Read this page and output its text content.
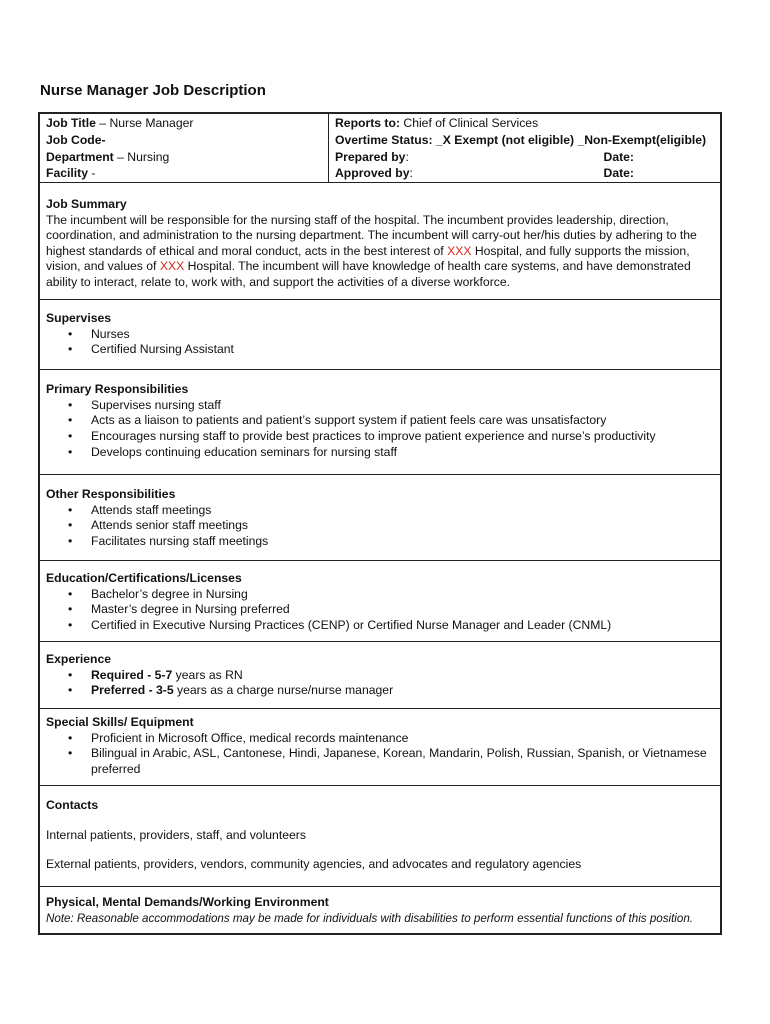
Nurse Manager Job Description
Job Title – Nurse Manager
Job Code-
Department – Nursing
Facility -
Reports to: Chief of Clinical Services
Overtime Status: _X Exempt (not eligible) _Non-Exempt(eligible)
Prepared by:	Date:
Approved by:	Date:
Job Summary

The incumbent will be responsible for the nursing staff of the hospital. The incumbent provides leadership, direction, coordination, and administration to the nursing department. The incumbent will carry-out her/his duties by adhering to the highest standards of ethical and moral conduct, acts in the best interest of XXX Hospital, and fully supports the mission, vision, and values of XXX Hospital. The incumbent will have knowledge of health care systems, and have demonstrated ability to interact, relate to, work with, and support the activities of a diverse workforce.

Supervises
• Nurses
• Certified Nursing Assistant
Primary Responsibilities
• Supervises nursing staff
• Acts as a liaison to patients and patient’s support system if patient feels care was unsatisfactory
• Encourages nursing staff to provide best practices to improve patient experience and nurse’s productivity
• Develops continuing education seminars for nursing staff
Other Responsibilities
• Attends staff meetings
• Attends senior staff meetings
• Facilitates nursing staff meetings
Education/Certifications/Licenses
• Bachelor’s degree in Nursing
• Master’s degree in Nursing preferred
• Certified in Executive Nursing Practices (CENP) or Certified Nurse Manager and Leader (CNML)
Experience
• Required - 5-7 years as RN
• Preferred - 3-5 years as a charge nurse/nurse manager
Special Skills/ Equipment
• Proficient in Microsoft Office, medical records maintenance
• Bilingual in Arabic, ASL, Cantonese, Hindi, Japanese, Korean, Mandarin, Polish, Russian, Spanish, or Vietnamese preferred
Contacts

Internal patients, providers, staff, and volunteers

External patients, providers, vendors, community agencies, and advocates and regulatory agencies

Physical, Mental Demands/Working Environment

Note: Reasonable accommodations may be made for individuals with disabilities to perform essential functions of this position.
